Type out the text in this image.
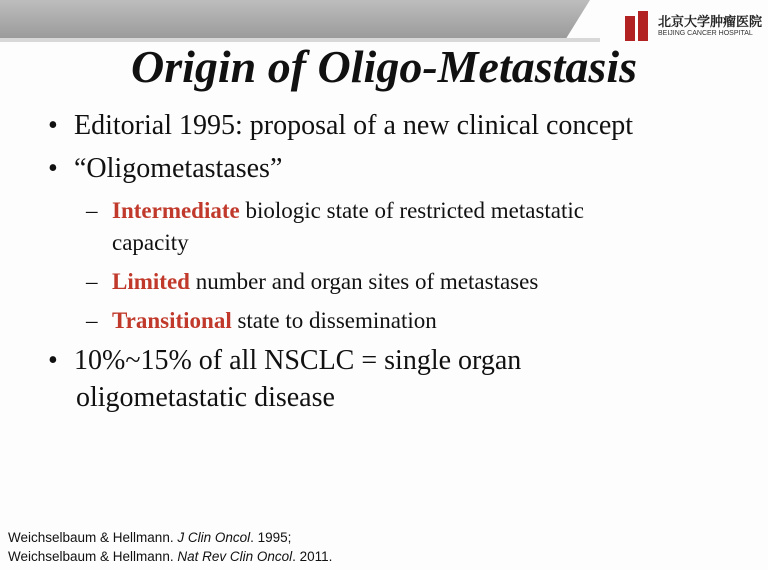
北京大学肿瘤医院
BEIJING CANCER HOSPITAL
Origin of Oligo-Metastasis
• Editorial 1995: proposal of a new clinical concept
• “Oligometastases”
– Intermediate biologic state of restricted metastatic
capacity
– Limited number and organ sites of metastases
– Transitional state to dissemination
• 10%~15% of all NSCLC = single organ
oligometastatic disease
Weichselbaum & Hellmann. J Clin Oncol. 1995;
Weichselbaum & Hellmann. Nat Rev Clin Oncol. 2011.
